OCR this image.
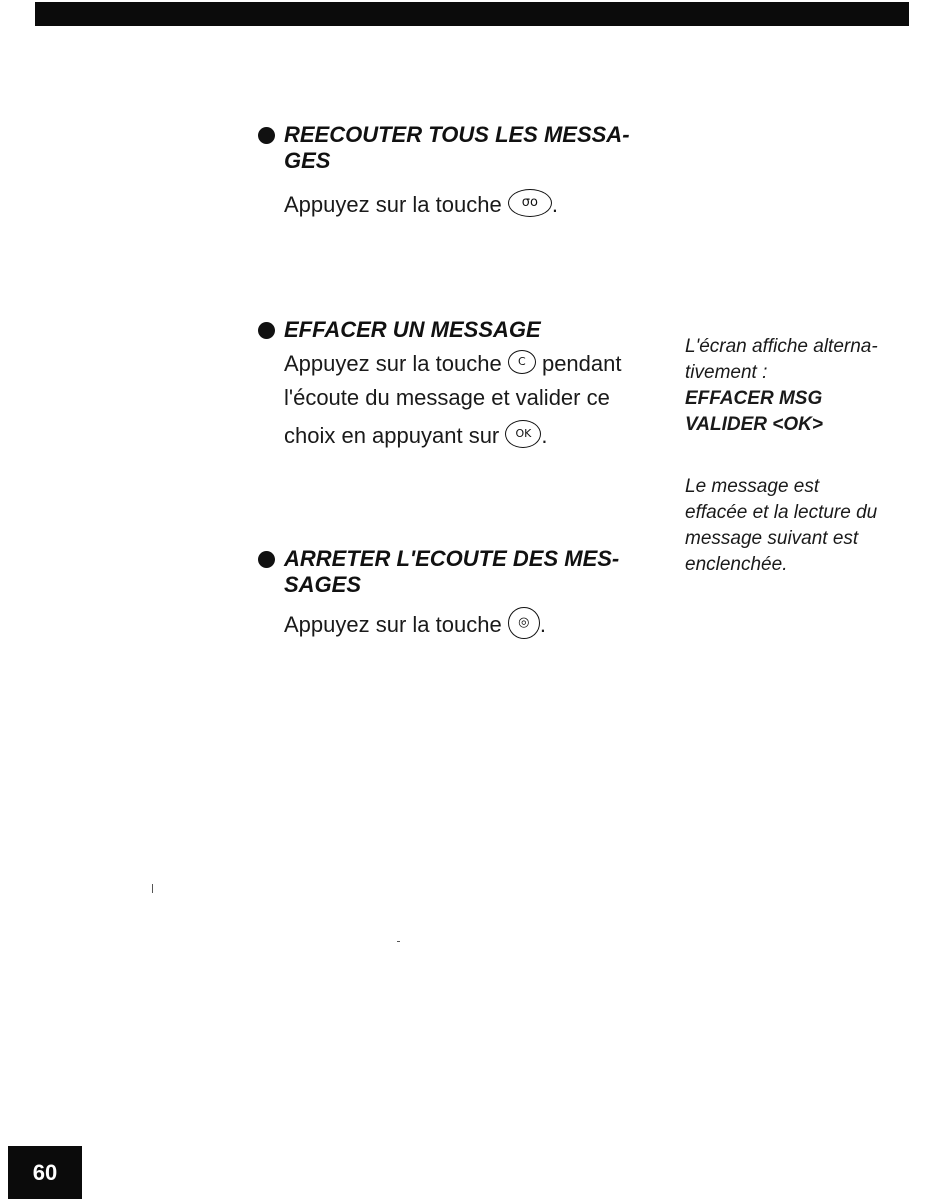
REECOUTER TOUS LES MESSA-
GES
Appuyez sur la touche σο .
EFFACER UN MESSAGE
Appuyez sur la touche C pendant
l'écoute du message et valider ce
choix en appuyant sur OK .
ARRETER L'ECOUTE DES MES-
SAGES
Appuyez sur la touche ◎ .
L'écran affiche alterna-
tivement :
EFFACER MSG
VALIDER <OK>
Le message est
effacée et la lecture du
message suivant est
enclenchée.
60
